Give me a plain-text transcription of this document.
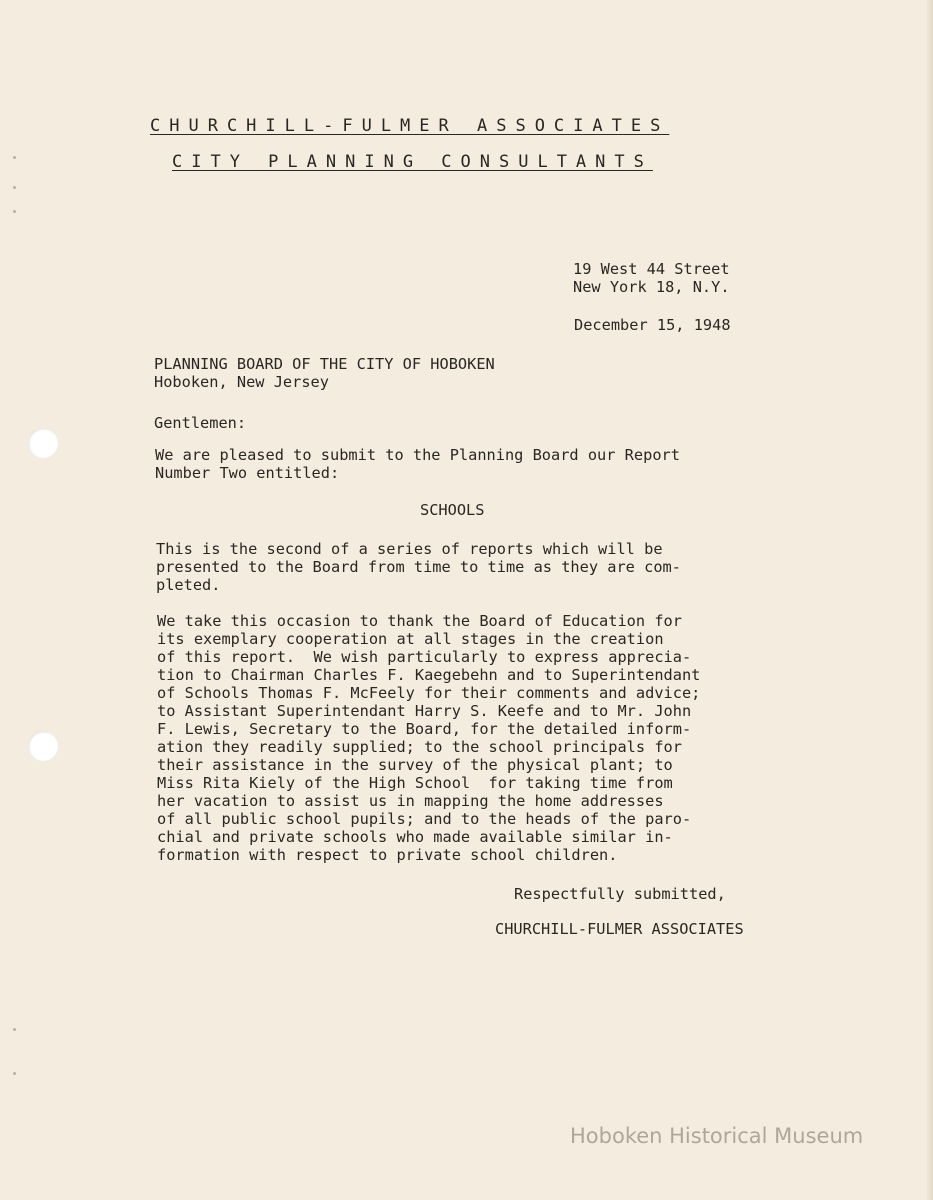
CHURCHILL-FULMER ASSOCIATES
CITY PLANNING CONSULTANTS
19 West 44 Street
New York 18, N.Y.
December 15, 1948
PLANNING BOARD OF THE CITY OF HOBOKEN
Hoboken, New Jersey
Gentlemen:
We are pleased to submit to the Planning Board our Report
Number Two entitled:
SCHOOLS
This is the second of a series of reports which will be
presented to the Board from time to time as they are com-
pleted.
We take this occasion to thank the Board of Education for
its exemplary cooperation at all stages in the creation
of this report.  We wish particularly to express apprecia-
tion to Chairman Charles F. Kaegebehn and to Superintendant
of Schools Thomas F. McFeely for their comments and advice;
to Assistant Superintendant Harry S. Keefe and to Mr. John
F. Lewis, Secretary to the Board, for the detailed inform-
ation they readily supplied; to the school principals for
their assistance in the survey of the physical plant; to
Miss Rita Kiely of the High School  for taking time from
her vacation to assist us in mapping the home addresses
of all public school pupils; and to the heads of the paro-
chial and private schools who made available similar in-
formation with respect to private school children.
Respectfully submitted,
CHURCHILL-FULMER ASSOCIATES
Hoboken Historical Museum
